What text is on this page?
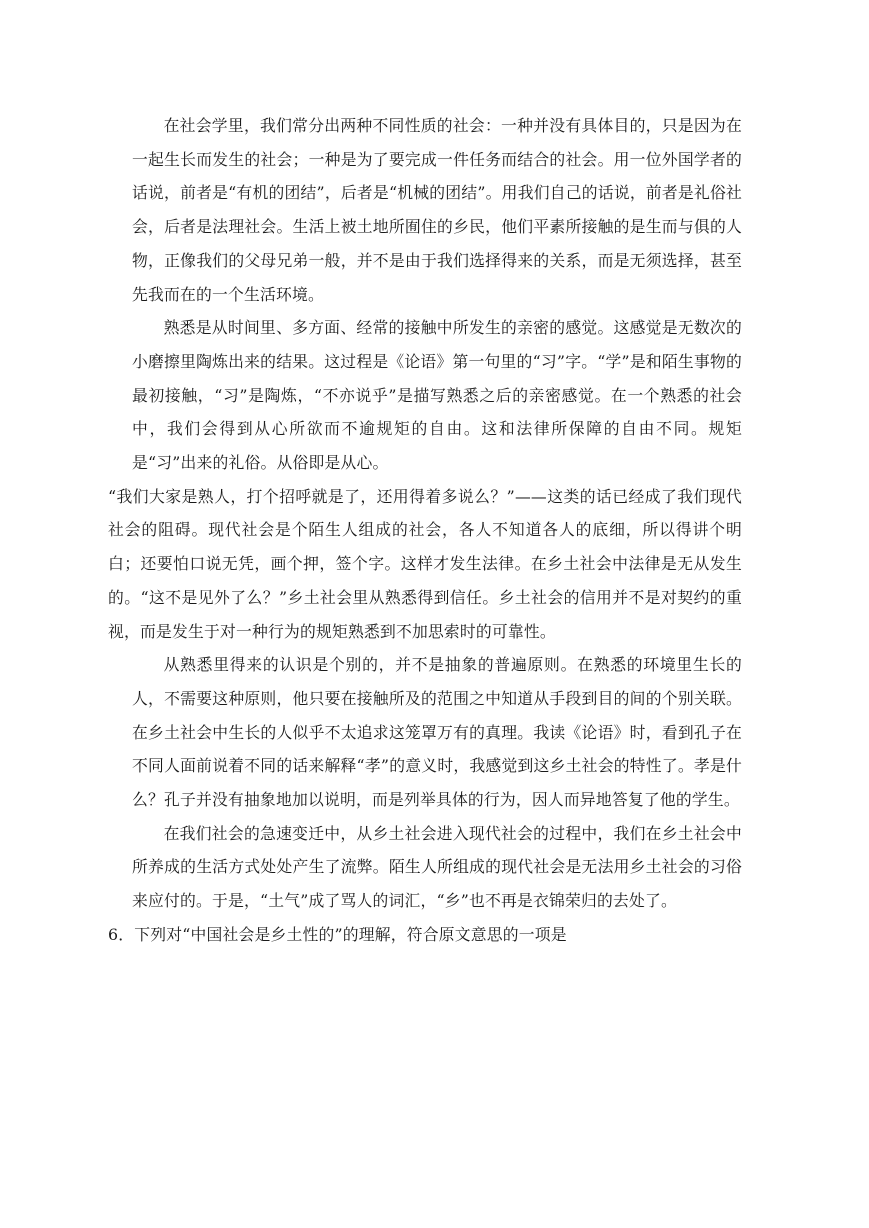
在社会学里，我们常分出两种不同性质的社会：一种并没有具体目的，只是因为在一起生长而发生的社会；一种是为了要完成一件任务而结合的社会。用一位外国学者的话说，前者是“有机的团结”，后者是“机械的团结”。用我们自己的话说，前者是礼俗社会，后者是法理社会。生活上被土地所囿住的乡民，他们平素所接触的是生而与俱的人物，正像我们的父母兄弟一般，并不是由于我们选择得来的关系，而是无须选择，甚至先我而在的一个生活环境。

熟悉是从时间里、多方面、经常的接触中所发生的亲密的感觉。这感觉是无数次的小磨擦里陶炼出来的结果。这过程是《论语》第一句里的“习”字。“学”是和陌生事物的最初接触，“习”是陶炼，“不亦说乎”是描写熟悉之后的亲密感觉。在一个熟悉的社会中，我们会得到从心所欲而不逾规矩的自由。这和法律所保障的自由不同。规矩是“习”出来的礼俗。从俗即是从心。

“我们大家是熟人，打个招呼就是了，还用得着多说么？”——这类的话已经成了我们现代社会的阻碍。现代社会是个陌生人组成的社会，各人不知道各人的底细，所以得讲个明白；还要怕口说无凭，画个押，签个字。这样才发生法律。在乡土社会中法律是无从发生的。“这不是见外了么？”乡土社会里从熟悉得到信任。乡土社会的信用并不是对契约的重视，而是发生于对一种行为的规矩熟悉到不加思索时的可靠性。

从熟悉里得来的认识是个别的，并不是抽象的普遍原则。在熟悉的环境里生长的人，不需要这种原则，他只要在接触所及的范围之中知道从手段到目的间的个别关联。在乡土社会中生长的人似乎不太追求这笼罩万有的真理。我读《论语》时，看到孔子在不同人面前说着不同的话来解释“孝”的意义时，我感觉到这乡土社会的特性了。孝是什么？孔子并没有抽象地加以说明，而是列举具体的行为，因人而异地答复了他的学生。

在我们社会的急速变迁中，从乡土社会进入现代社会的过程中，我们在乡土社会中所养成的生活方式处处产生了流弊。陌生人所组成的现代社会是无法用乡土社会的习俗来应付的。于是，“土气”成了骂人的词汇，“乡”也不再是衣锦荣归的去处了。

6．下列对“中国社会是乡土性的”的理解，符合原文意思的一项是
